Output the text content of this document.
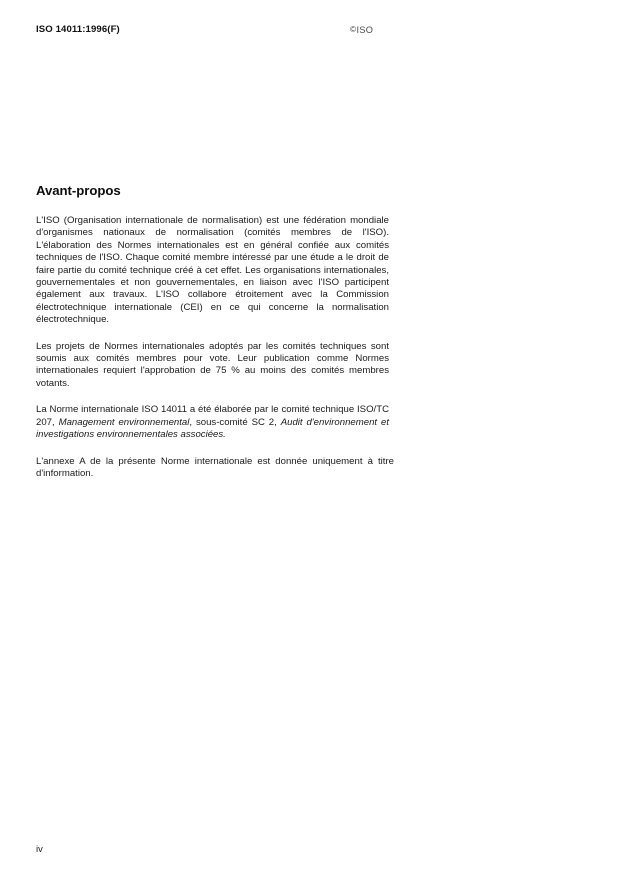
ISO 14011:1996(F)	©ISO
Avant-propos

L'ISO (Organisation internationale de normalisation) est une fédération mondiale d'organismes nationaux de normalisation (comités membres de l'ISO). L'élaboration des Normes internationales est en général confiée aux comités techniques de l'ISO. Chaque comité membre intéressé par une étude a le droit de faire partie du comité technique créé à cet effet. Les organisations internationales, gouvernementales et non gouvernementales, en liaison avec l'ISO participent également aux travaux. L'ISO collabore étroitement avec la Commission électrotechnique internationale (CEI) en ce qui concerne la normalisation électrotechnique.

Les projets de Normes internationales adoptés par les comités techniques sont soumis aux comités membres pour vote. Leur publication comme Normes internationales requiert l'approbation de 75 % au moins des comités membres votants.

La Norme internationale ISO 14011 a été élaborée par le comité technique ISO/TC 207, Management environnemental, sous-comité SC 2, Audit d'environnement et investigations environnementales associées.

L'annexe A de la présente Norme internationale est donnée uniquement à titre d'information.

iv
